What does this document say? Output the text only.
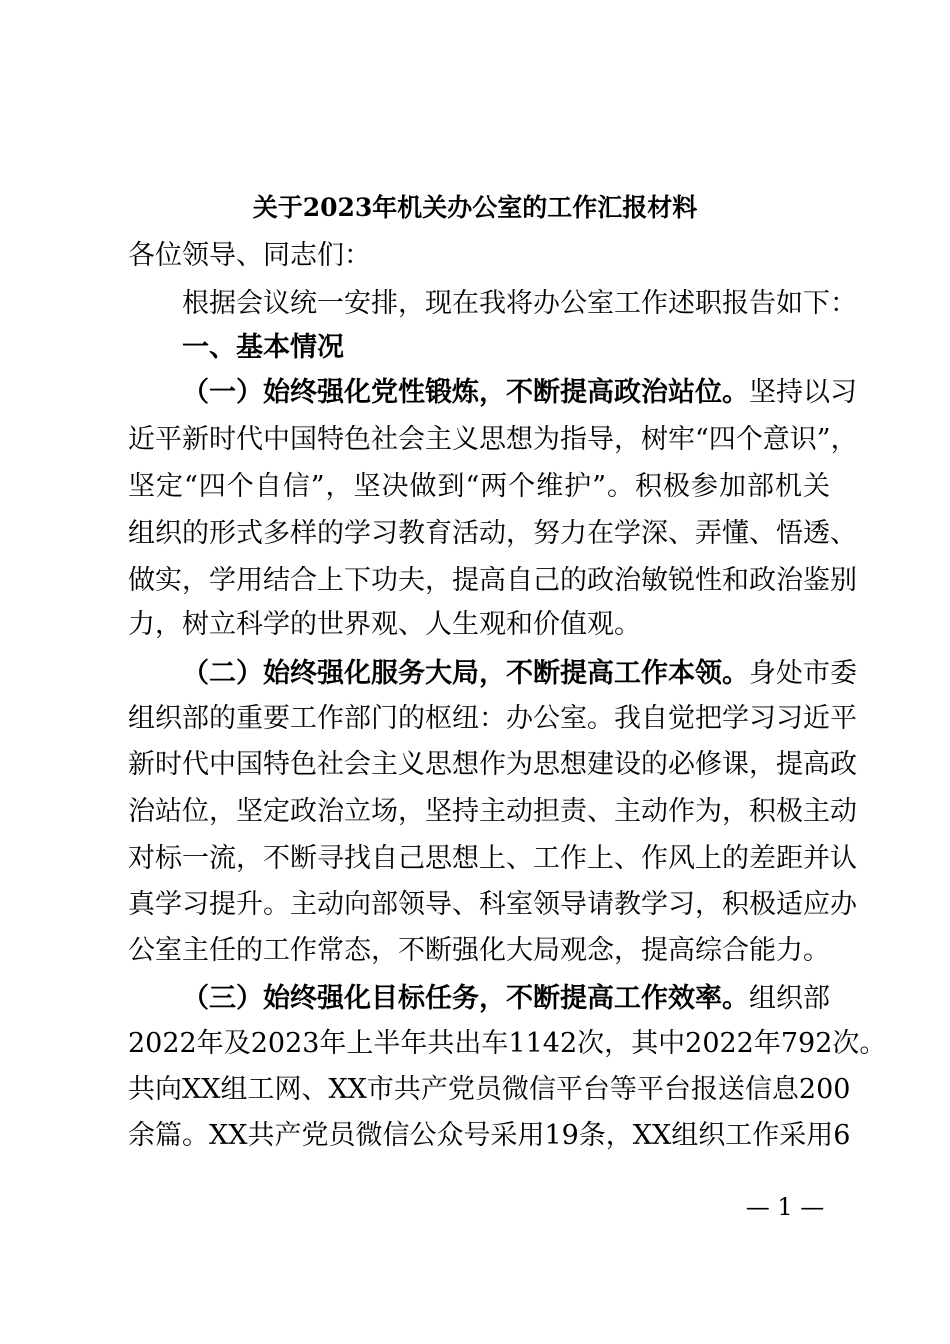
关于2023年机关办公室的工作汇报材料
各位领导、同志们：
根据会议统一安排，现在我将办公室工作述职报告如下：
一、基本情况
（一）始终强化党性锻炼，不断提高政治站位。坚持以习
近平新时代中国特色社会主义思想为指导，树牢“四个意识”，
坚定“四个自信”，坚决做到“两个维护”。积极参加部机关
组织的形式多样的学习教育活动，努力在学深、弄懂、悟透、
做实，学用结合上下功夫，提高自己的政治敏锐性和政治鉴别
力，树立科学的世界观、人生观和价值观。
（二）始终强化服务大局，不断提高工作本领。身处市委
组织部的重要工作部门的枢纽：办公室。我自觉把学习习近平
新时代中国特色社会主义思想作为思想建设的必修课，提高政
治站位，坚定政治立场，坚持主动担责、主动作为，积极主动
对标一流，不断寻找自己思想上、工作上、作风上的差距并认
真学习提升。主动向部领导、科室领导请教学习，积极适应办
公室主任的工作常态，不断强化大局观念，提高综合能力。
（三）始终强化目标任务，不断提高工作效率。组织部
2022年及2023年上半年共出车1142次，其中2022年792次。
共向XX组工网、XX市共产党员微信平台等平台报送信息200
余篇。XX共产党员微信公众号采用19条，XX组织工作采用6
— 1 —
